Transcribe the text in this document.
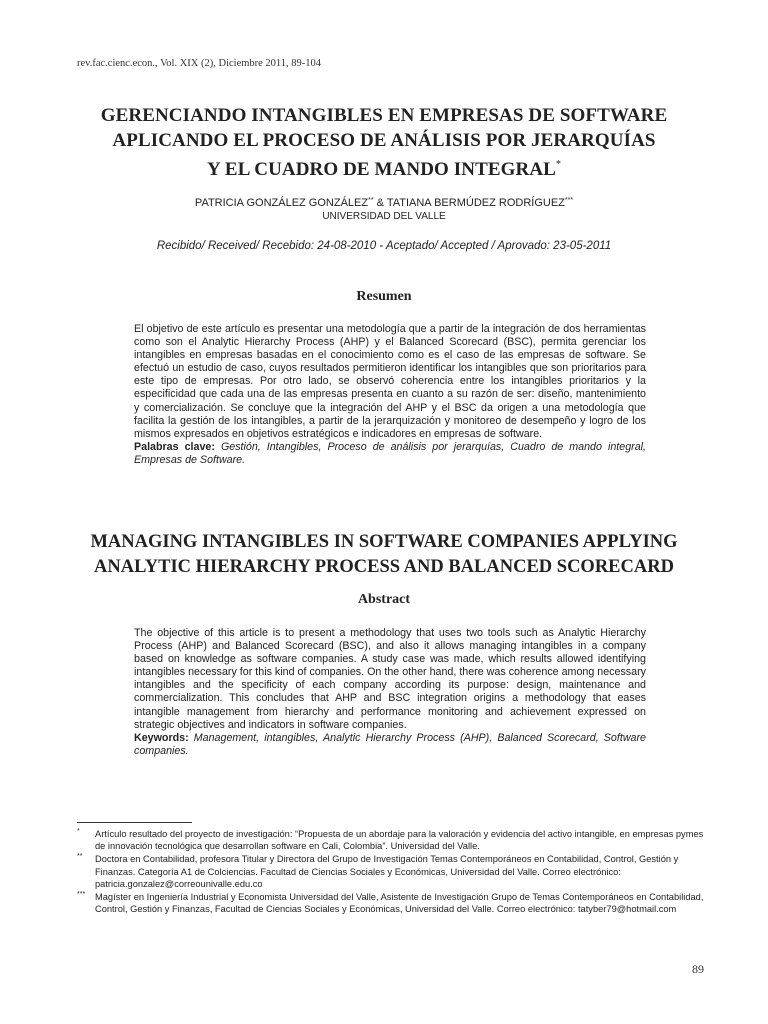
rev.fac.cienc.econ., Vol. XIX (2), Diciembre 2011, 89-104
GERENCIANDO INTANGIBLES EN EMPRESAS DE SOFTWARE
APLICANDO EL PROCESO DE ANÁLISIS POR JERARQUÍAS
Y EL CUADRO DE MANDO INTEGRAL*
PATRICIA GONZÁLEZ GONZÁLEZ** & TATIANA BERMÚDEZ RODRÍGUEZ***
UNIVERSIDAD DEL VALLE
Recibido/ Received/ Recebido: 24-08-2010 - Aceptado/ Accepted / Aprovado: 23-05-2011
Resumen
El objetivo de este artículo es presentar una metodología que a partir de la integración de dos herramientas como son el Analytic Hierarchy Process (AHP) y el Balanced Scorecard (BSC), permita gerenciar los intangibles en empresas basadas en el conocimiento como es el caso de las empresas de software. Se efectuó un estudio de caso, cuyos resultados permitieron identificar los intangibles que son prioritarios para este tipo de empresas. Por otro lado, se observó coherencia entre los intangibles prioritarios y la especificidad que cada una de las empresas presenta en cuanto a su razón de ser: diseño, mantenimiento y comercialización. Se concluye que la integración del AHP y el BSC da origen a una metodología que facilita la gestión de los intangibles, a partir de la jerarquización y monitoreo de desempeño y logro de los mismos expresados en objetivos estratégicos e indicadores en empresas de software.
Palabras clave: Gestión, Intangibles, Proceso de análisis por jerarquías, Cuadro de mando integral, Empresas de Software.
MANAGING INTANGIBLES IN SOFTWARE COMPANIES APPLYING
ANALYTIC HIERARCHY PROCESS AND BALANCED SCORECARD
Abstract
The objective of this article is to present a methodology that uses two tools such as Analytic Hierarchy Process (AHP) and Balanced Scorecard (BSC), and also it allows managing intangibles in a company based on knowledge as software companies. A study case was made, which results allowed identifying intangibles necessary for this kind of companies. On the other hand, there was coherence among necessary intangibles and the specificity of each company according its purpose: design, maintenance and commercialization. This concludes that AHP and BSC integration origins a methodology that eases intangible management from hierarchy and performance monitoring and achievement expressed on strategic objectives and indicators in software companies.
Keywords: Management, intangibles, Analytic Hierarchy Process (AHP), Balanced Scorecard, Software companies.
* Artículo resultado del proyecto de investigación: “Propuesta de un abordaje para la valoración y evidencia del activo intangible, en empresas pymes de innovación tecnológica que desarrollan software en Cali, Colombia”. Universidad del Valle.
** Doctora en Contabilidad, profesora Titular y Directora del Grupo de Investigación Temas Contemporáneos en Contabilidad, Control, Gestión y Finanzas. Categoría A1 de Colciencias. Facultad de Ciencias Sociales y Económicas, Universidad del Valle. Correo electrónico: patricia.gonzalez@correounivalle.edu.co
*** Magíster en Ingeniería Industrial y Economista Universidad del Valle, Asistente de Investigación Grupo de Temas Contemporáneos en Contabilidad, Control, Gestión y Finanzas, Facultad de Ciencias Sociales y Económicas, Universidad del Valle. Correo electrónico: tatyber79@hotmail.com
89
